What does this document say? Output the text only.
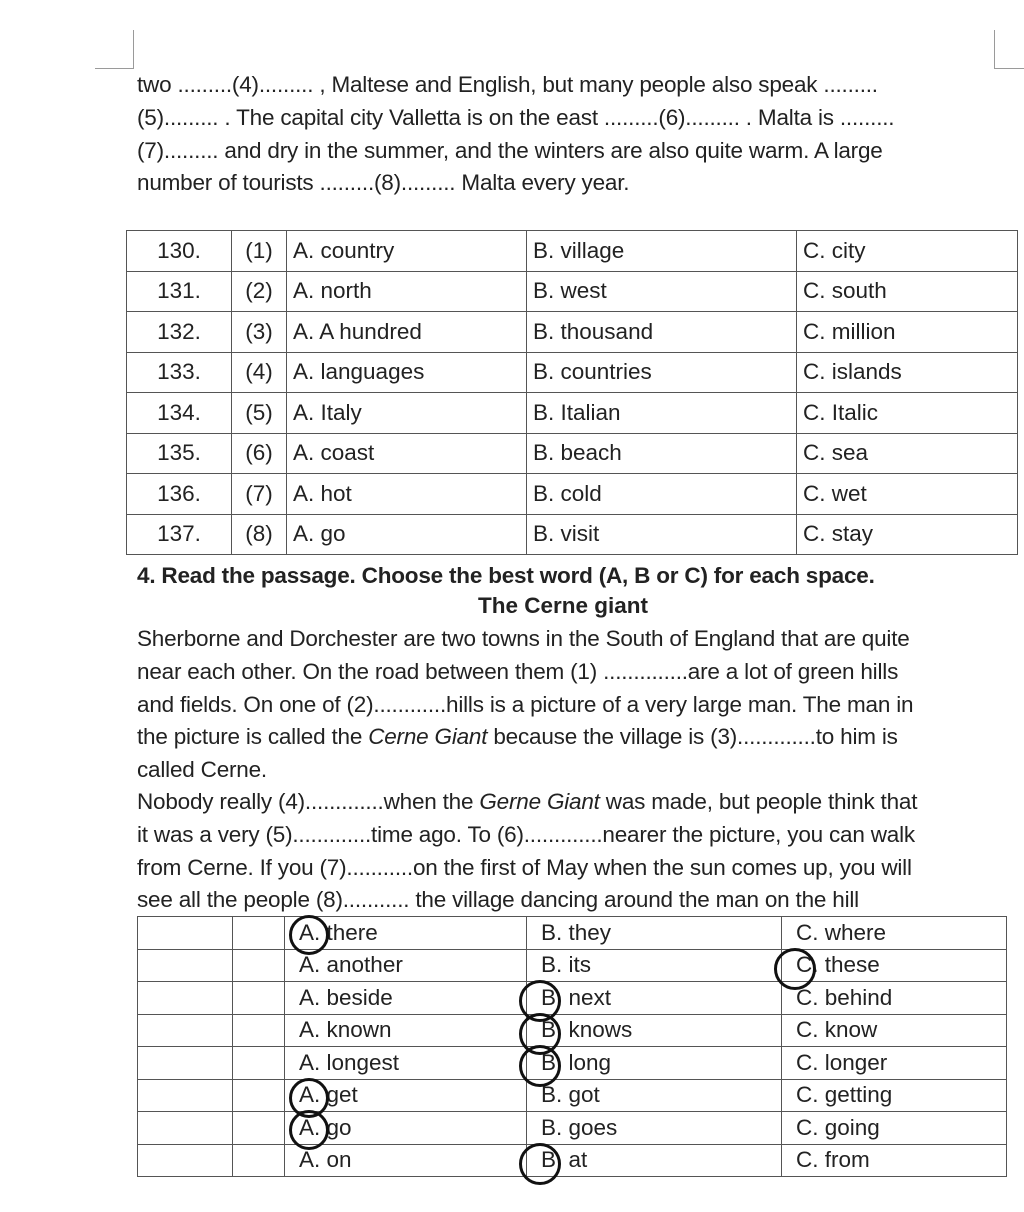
two .........(4)......... , Maltese and English, but many people also speak .........
(5)......... . The capital city Valletta is on the east .........(6)......... . Malta is .........
(7)......... and dry in the summer, and the winters are also quite warm. A large
number of tourists .........(8)......... Malta every year.
130.	(1)	A. country	B. village	C. city
131.	(2)	A. north	B. west	C. south
132.	(3)	A. A hundred	B. thousand	C. million
133.	(4)	A. languages	B. countries	C. islands
134.	(5)	A. Italy	B. Italian	C. Italic
135.	(6)	A. coast	B. beach	C. sea
136.	(7)	A. hot	B. cold	C. wet
137.	(8)	A. go	B. visit	C. stay
4. Read the passage. Choose the best word (A, B or C) for each space.
The Cerne giant
Sherborne and Dorchester are two towns in the South of England that are quite
near each other. On the road between them (1) ..............are a lot of green hills
and fields. On one of (2)............hills is a picture of a very large man. The man in
the picture is called the Cerne Giant because the village is (3).............to him is
called Cerne.
Nobody really (4).............when the Gerne Giant was made, but people think that
it was a very (5).............time ago. To (6).............nearer the picture, you can walk
from Cerne. If you (7)...........on the first of May when the sun comes up, you will
see all the people (8)........... the village dancing around the man on the hill
		A. there	B. they	C. where
		A. another	B. its	C. these

		A. beside	B. next	C. behind
		A. known	B. knows	C. know
		A. longest	B. long	C. longer
		A. get	B. got	C. getting
		A. go	B. goes	C. going
		A. on	B. at	C. from
